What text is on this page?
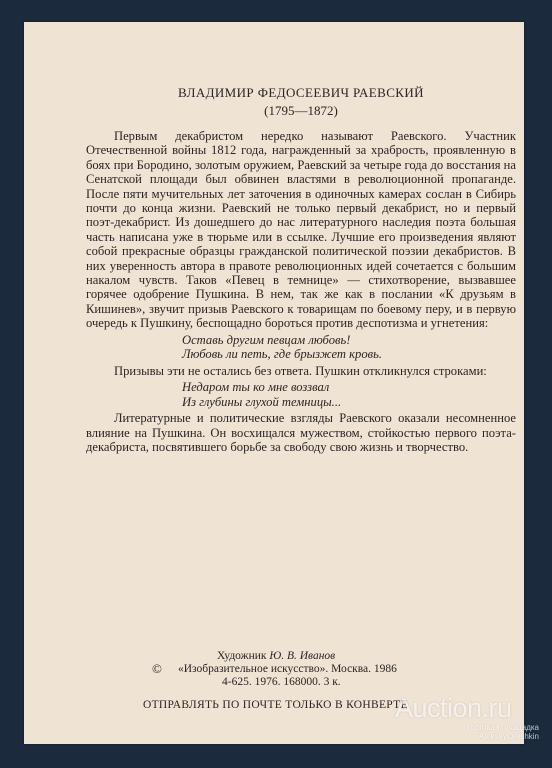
ВЛАДИМИР ФЕДОСЕЕВИЧ РАЕВСКИЙ
(1795—1872)

Первым декабристом нередко называют Раевского. Участник Отечественной войны 1812 года, награжденный за храбрость, проявленную в боях при Бородино, золотым оружием, Раевский за четыре года до восстания на Сенатской площади был обвинен властями в революционной пропаганде. После пяти мучительных лет заточения в одиночных камерах сослан в Сибирь почти до конца жизни. Раевский не только первый декабрист, но и первый поэт-декабрист. Из дошедшего до нас литературного наследия поэта большая часть написана уже в тюрьме или в ссылке. Лучшие его произведения являют собой прекрасные образцы гражданской политической поэзии декабристов. В них уверенность автора в правоте революционных идей сочетается с большим накалом чувств. Таков «Певец в темнице» — стихотворение, вызвавшее горячее одобрение Пушкина. В нем, так же как в послании «К друзьям в Кишинев», звучит призыв Раевского к товарищам по боевому перу, и в первую очередь к Пушкину, беспощадно бороться против деспотизма и угнетения:

Оставь другим певцам любовь!
Любовь ли петь, где брызжет кровь.

Призывы эти не остались без ответа. Пушкин откликнулся строками:

Недаром ты ко мне воззвал
Из глубины глухой темницы...

Литературные и политические взгляды Раевского оказали несомненное влияние на Пушкина. Он восхищался мужеством, стойкостью первого поэта-декабриста, посвятившего борьбе за свободу свою жизнь и творчество.

Художник Ю. В. Иванов
© «Изобразительное искусство». Москва. 1986
4-625. 1976. 168000. 3 к.
ОТПРАВЛЯТЬ ПО ПОЧТЕ ТОЛЬКО В КОНВЕРТЕ
Auction.ru
торговая площадка
AlekseyOreshkin
